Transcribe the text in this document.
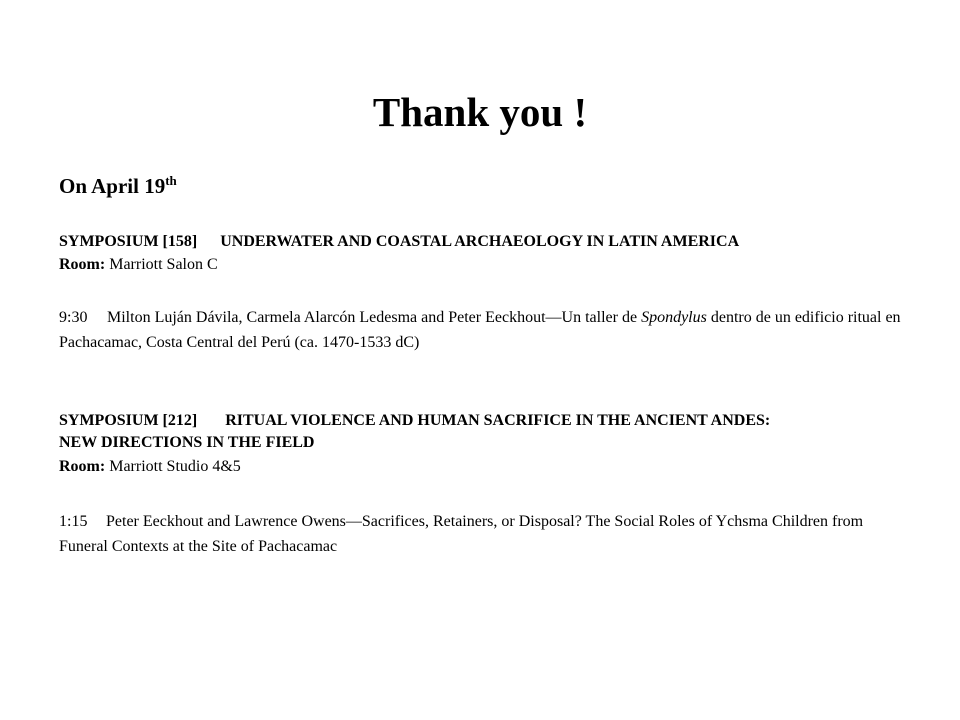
Thank you !
On April 19th
SYMPOSIUM [158] UNDERWATER AND COASTAL ARCHAEOLOGY IN LATIN AMERICA
Room: Marriott Salon C
9:30 Milton Luján Dávila, Carmela Alarcón Ledesma and Peter Eeckhout—Un taller de Spondylus dentro de un edificio ritual en Pachacamac, Costa Central del Perú (ca. 1470-1533 dC)
SYMPOSIUM [212] RITUAL VIOLENCE AND HUMAN SACRIFICE IN THE ANCIENT ANDES:
NEW DIRECTIONS IN THE FIELD
Room: Marriott Studio 4&5
1:15 Peter Eeckhout and Lawrence Owens—Sacrifices, Retainers, or Disposal? The Social Roles of Ychsma Children from Funeral Contexts at the Site of Pachacamac
